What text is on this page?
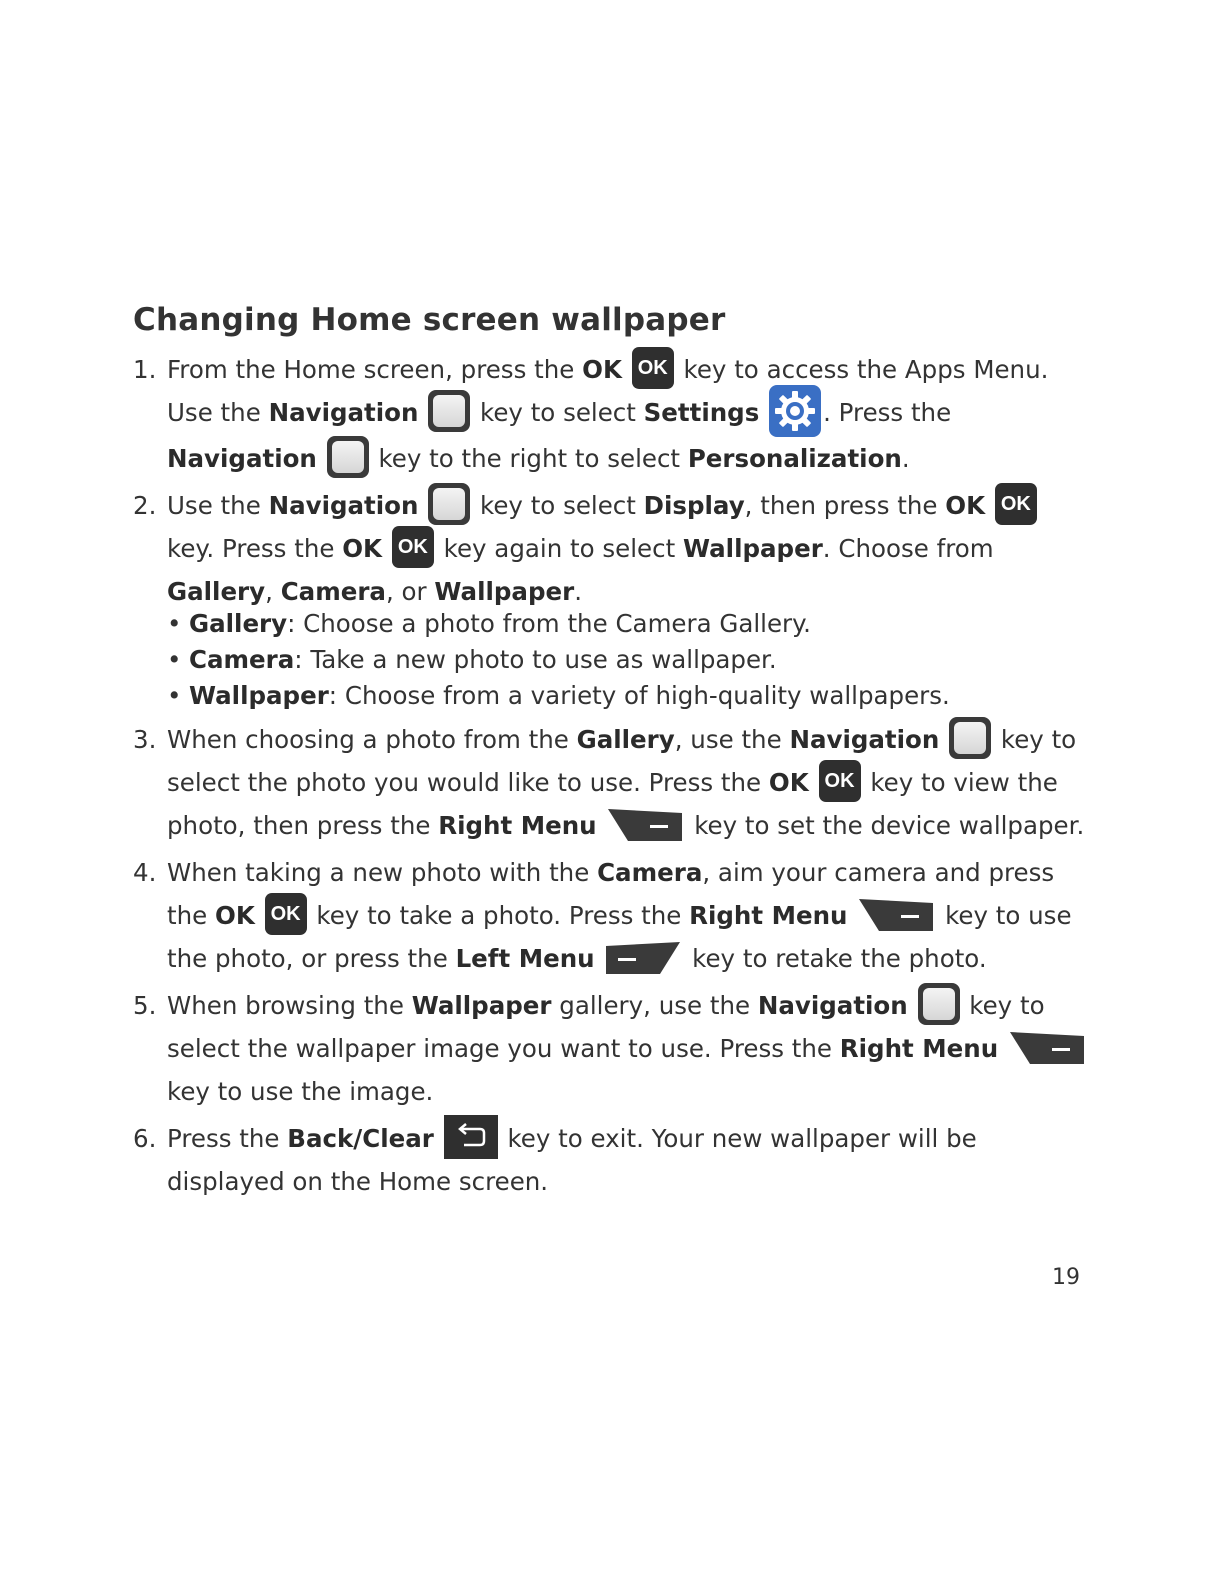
Changing Home screen wallpaper
1. From the Home screen, press the OK OK key to access the Apps Menu. Use the Navigation	key to select Settings	. Press the Navigation	key to the right to select Personalization.
2. Use the Navigation	key to select Display, then press the OK OK key. Press the OK OK key again to select Wallpaper. Choose from Gallery, Camera, or Wallpaper.
• Gallery: Choose a photo from the Camera Gallery.
• Camera: Take a new photo to use as wallpaper.
• Wallpaper: Choose from a variety of high-quality wallpapers.
3. When choosing a photo from the Gallery, use the Navigation	key to select the photo you would like to use. Press the OK OK key to view the photo, then press the Right Menu	key to set the device wallpaper.
4. When taking a new photo with the Camera, aim your camera and press the OK OK key to take a photo. Press the Right Menu	key to use the photo, or press the Left Menu	key to retake the photo.
5. When browsing the Wallpaper gallery, use the Navigation	key to select the wallpaper image you want to use. Press the Right Menu  key to use the image.
6. Press the Back/Clear	key to exit. Your new wallpaper will be displayed on the Home screen.
19
